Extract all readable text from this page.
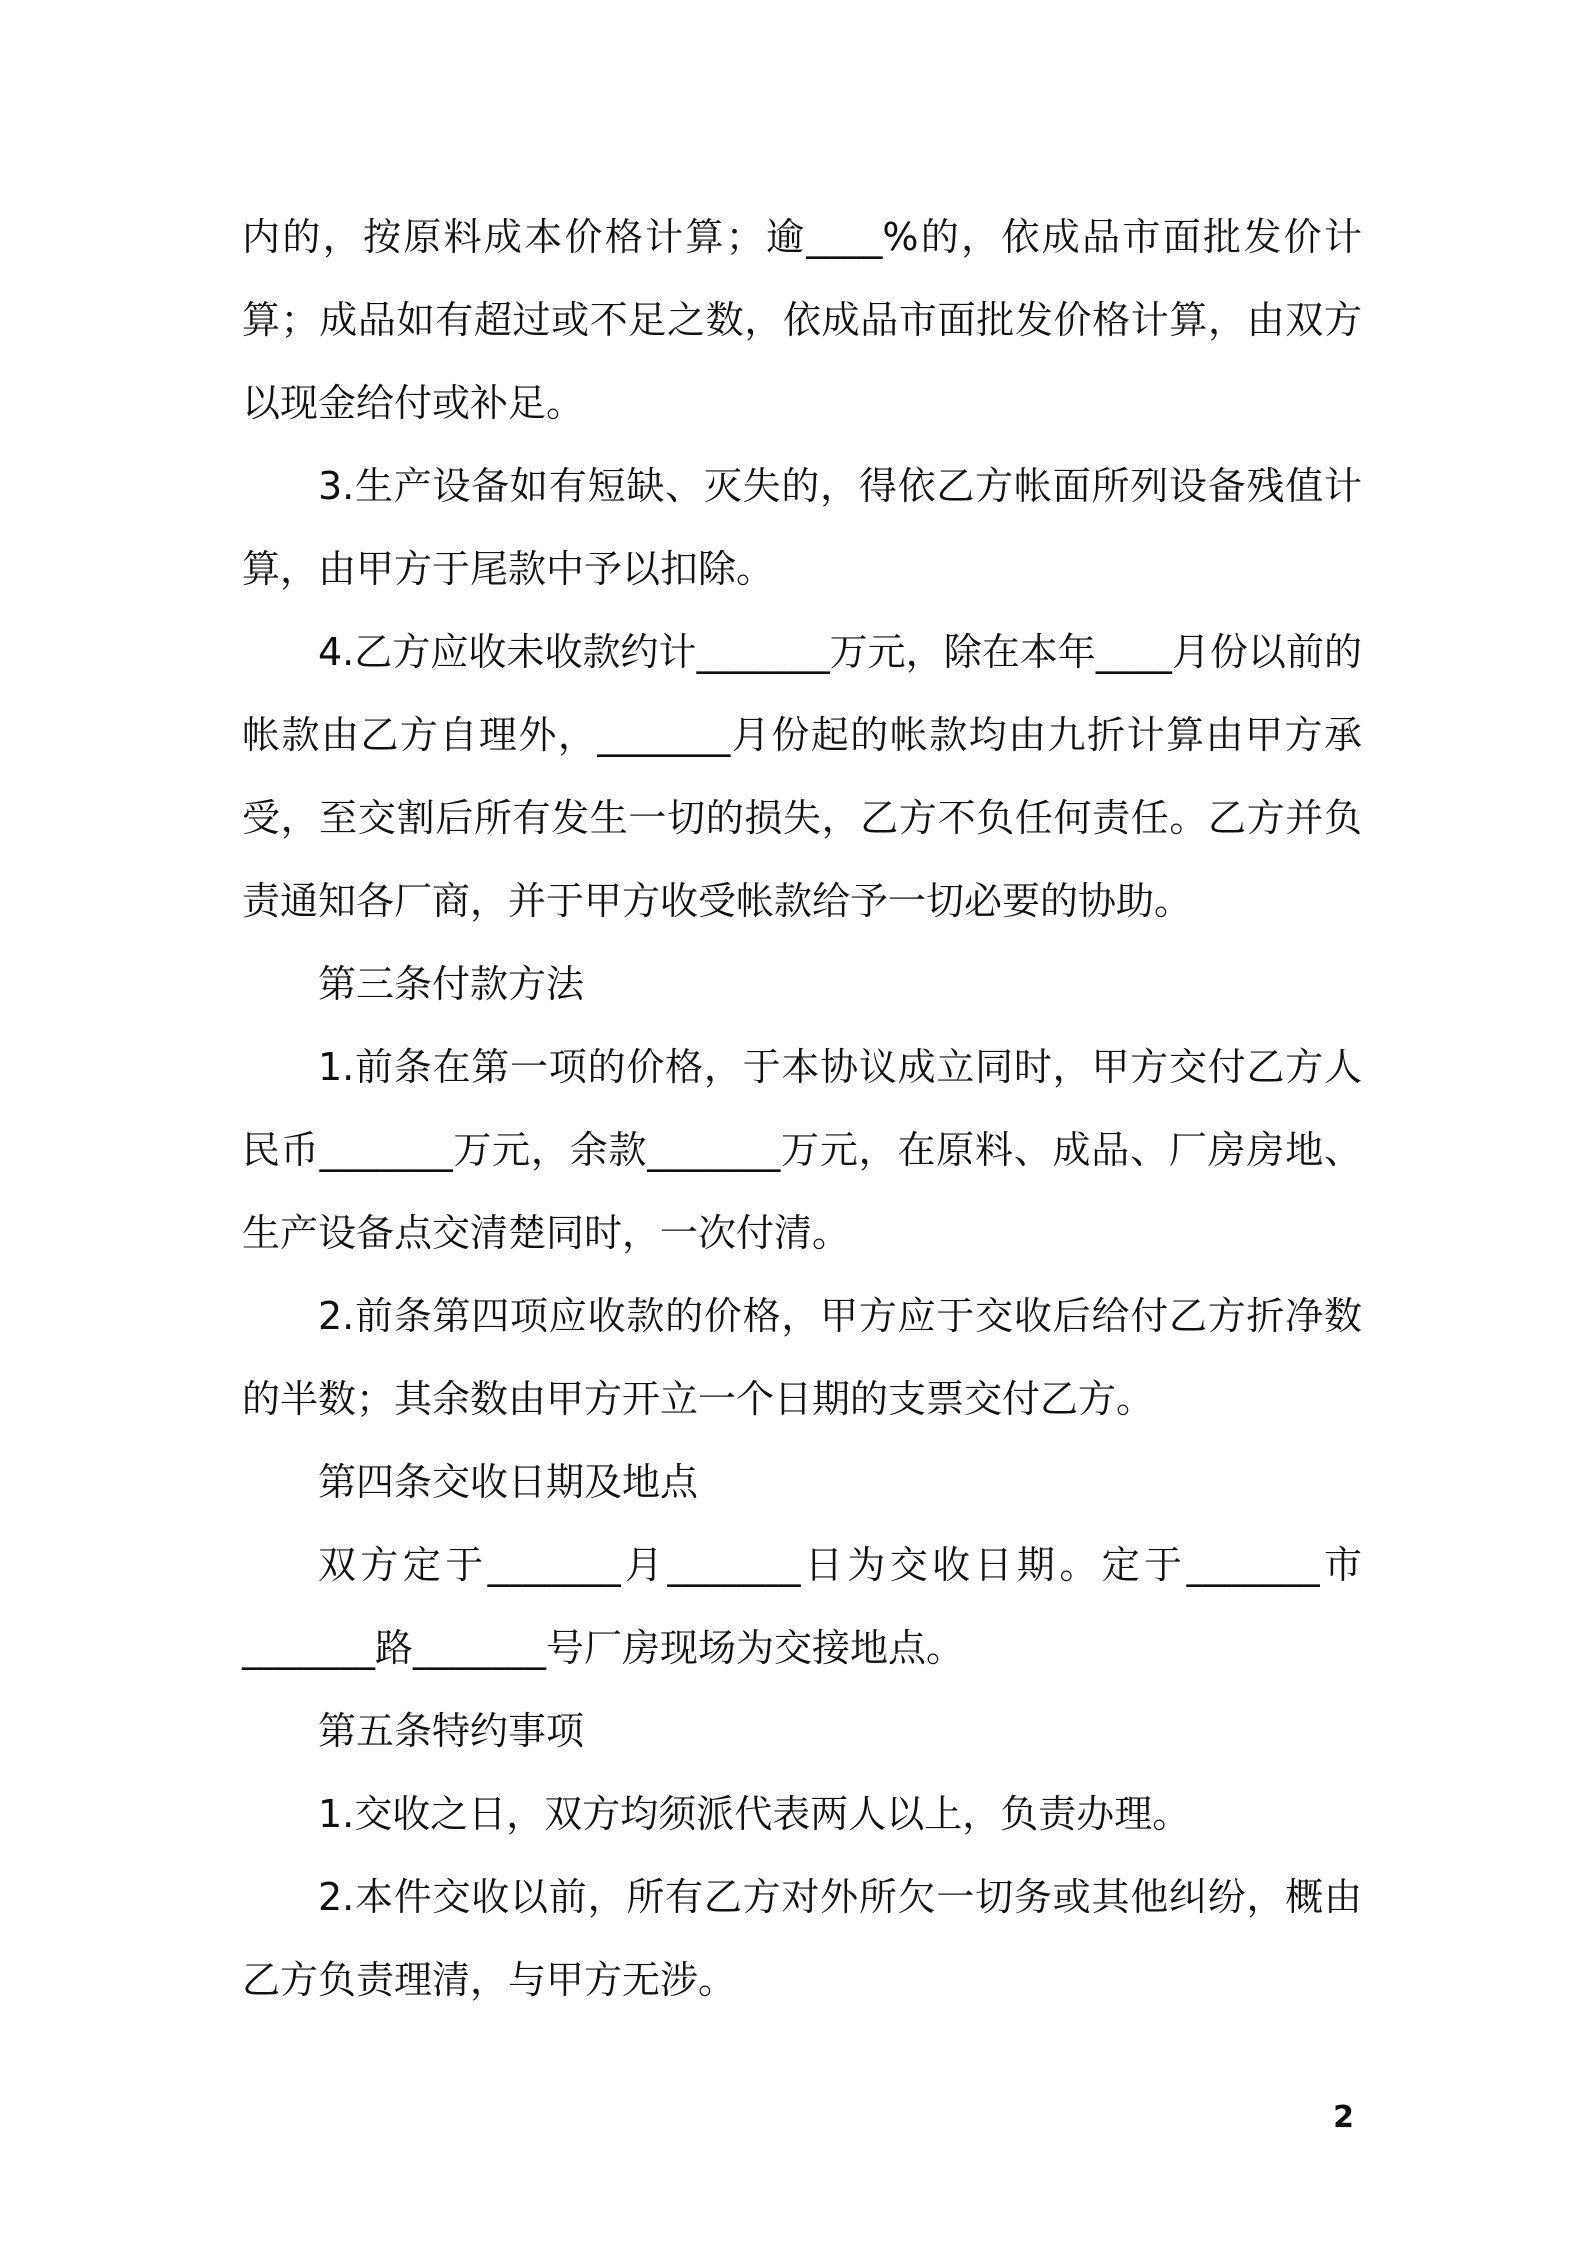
内的，按原料成本价格计算；逾____%的，依成品市面批发价计算；成品如有超过或不足之数，依成品市面批发价格计算，由双方以现金给付或补足。

3.生产设备如有短缺、灭失的，得依乙方帐面所列设备残值计算，由甲方于尾款中予以扣除。

4.乙方应收未收款约计_______万元，除在本年____月份以前的帐款由乙方自理外，_______月份起的帐款均由九折计算由甲方承受，至交割后所有发生一切的损失，乙方不负任何责任。乙方并负责通知各厂商，并于甲方收受帐款给予一切必要的协助。

第三条付款方法

1.前条在第一项的价格，于本协议成立同时，甲方交付乙方人民币_______万元，余款_______万元，在原料、成品、厂房房地、生产设备点交清楚同时，一次付清。

2.前条第四项应收款的价格，甲方应于交收后给付乙方折净数的半数；其余数由甲方开立一个日期的支票交付乙方。

第四条交收日期及地点

双方定于_______月_______日为交收日期。定于_______市_______路_______号厂房现场为交接地点。

第五条特约事项

1.交收之日，双方均须派代表两人以上，负责办理。

2.本件交收以前，所有乙方对外所欠一切务或其他纠纷，概由乙方负责理清，与甲方无涉。

2
